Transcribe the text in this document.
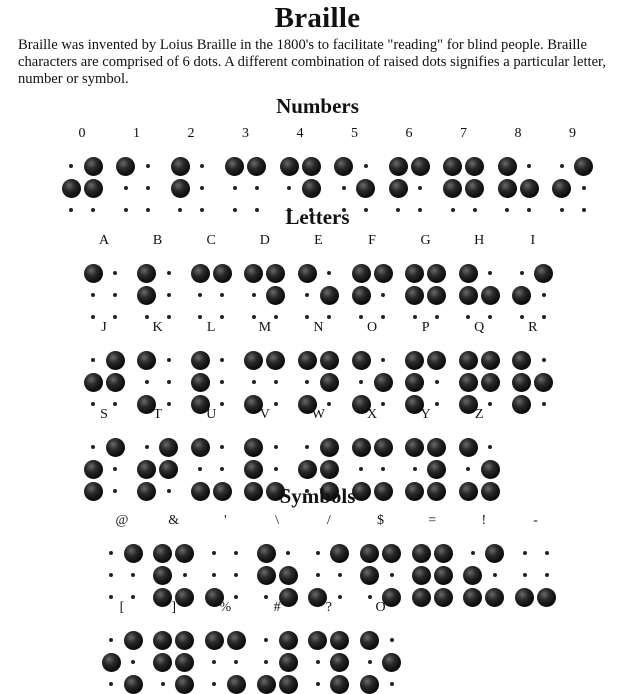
Braille

Braille was invented by Loius Braille in the 1800's to facilitate "reading" for blind people. Braille characters are comprised of 6 dots. A different combination of raised dots signifies a particular letter, number or symbol.

Numbers
0	1	2	3	4	5	6	7	8	9
Letters
A	B	C	D	E	F	G	H	I
J	K	L	M	N	O	P	Q	R
S	T	U	V	W	X	Y	Z
Symbols
@	&	'	\	/	$	=	!	-
[	]	%	#	?	O
